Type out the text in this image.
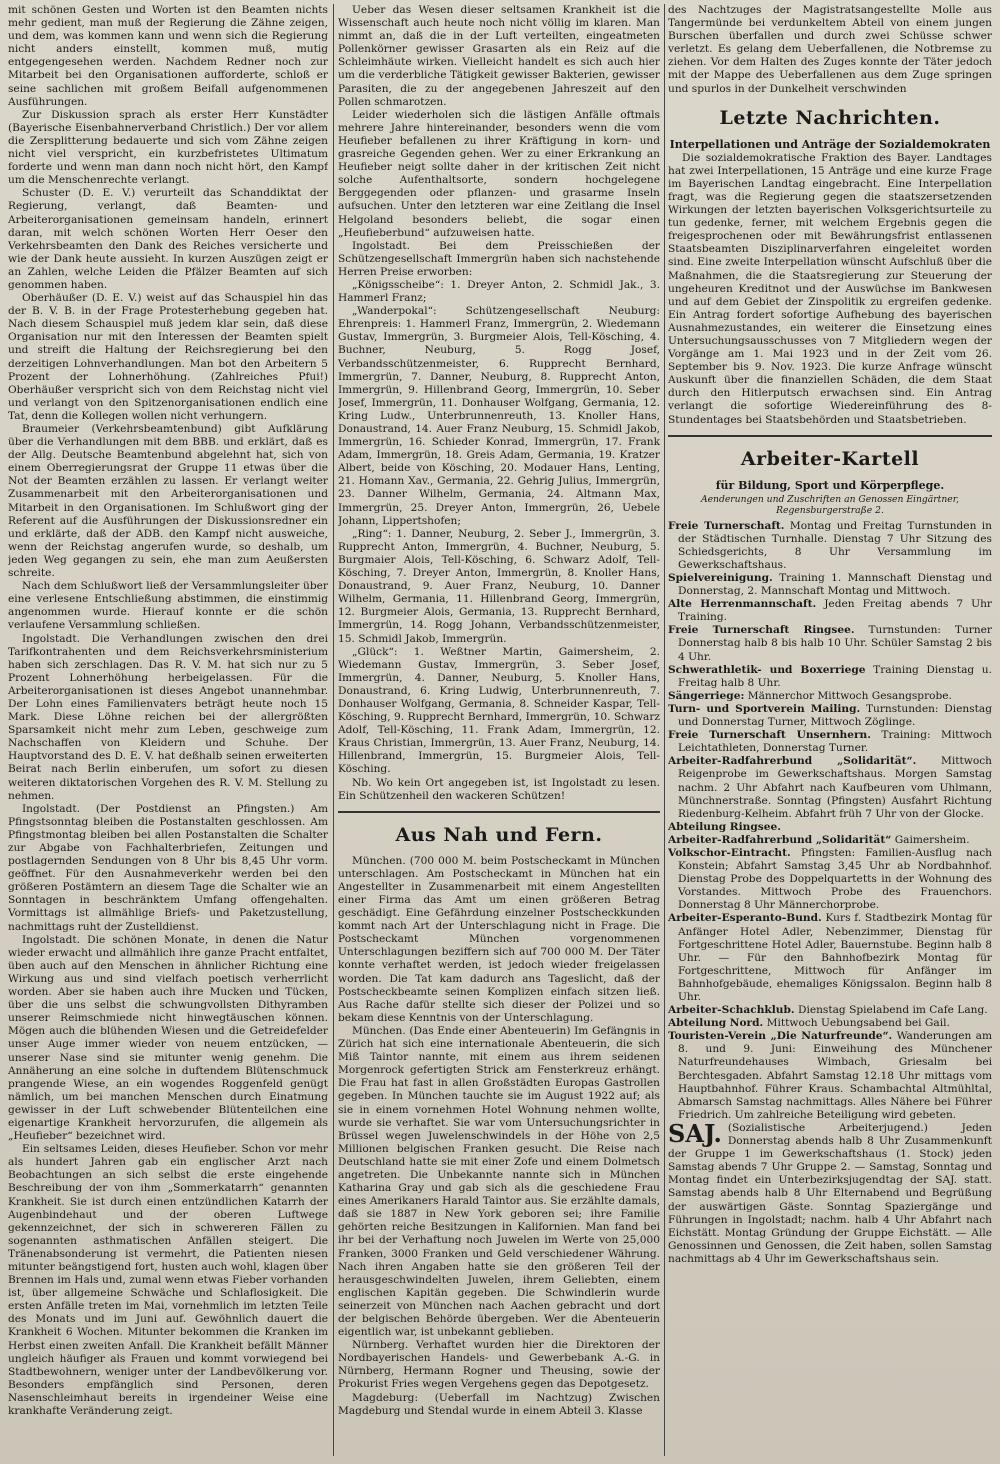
mit schönen Gesten und Worten ist den Beamten nichts mehr gedient, man muß der Regierung die Zähne zeigen, und dem, was kommen kann und wenn sich die Regierung nicht anders einstellt, kommen muß, mutig entgegengesehen werden. Nachdem Redner noch zur Mitarbeit bei den Organisationen aufforderte, schloß er seine sachlichen mit großem Beifall aufgenommenen Ausführungen.

Zur Diskussion sprach als erster Herr Kunstädter (Bayerische Eisenbahnerverband Christlich.) Der vor allem die Zersplitterung bedauerte und sich vom Zähne zeigen nicht viel verspricht, ein kurzbefristetes Ultimatum forderte und wenn man dann noch nicht hört, den Kampf um die Menschenrechte verlangt.

Schuster (D. E. V.) verurteilt das Schanddiktat der Regierung, verlangt, daß Beamten- und Arbeiterorganisationen gemeinsam handeln, erinnert daran, mit welch schönen Worten Herr Oeser den Verkehrsbeamten den Dank des Reiches versicherte und wie der Dank heute aussieht. In kurzen Auszügen zeigt er an Zahlen, welche Leiden die Pfälzer Beamten auf sich genommen haben.

Oberhäußer (D. E. V.) weist auf das Schauspiel hin das der B. V. B. in der Frage Protesterhebung gegeben hat. Nach diesem Schauspiel muß jedem klar sein, daß diese Organisation nur mit den Interessen der Beamten spielt und streift die Haltung der Reichsregierung bei den derzeitigen Lohnverhandlungen. Man bot den Arbeitern 5 Prozent der Lohnerhöhung. (Zahlreiches Pfui!) Oberhäußer verspricht sich von dem Reichstag nicht viel und verlangt von den Spitzenorganisationen endlich eine Tat, denn die Kollegen wollen nicht verhungern.

Braumeier (Verkehrsbeamtenbund) gibt Aufklärung über die Verhandlungen mit dem BBB. und erklärt, daß es der Allg. Deutsche Beamtenbund abgelehnt hat, sich von einem Oberregierungsrat der Gruppe 11 etwas über die Not der Beamten erzählen zu lassen. Er verlangt weiter Zusammenarbeit mit den Arbeiterorganisationen und Mitarbeit in den Organisationen. Im Schlußwort ging der Referent auf die Ausführungen der Diskussionsredner ein und erklärte, daß der ADB. den Kampf nicht ausweiche, wenn der Reichstag angerufen wurde, so deshalb, um jeden Weg gegangen zu sein, ehe man zum Aeußersten schreite.

Nach dem Schlußwort ließ der Versammlungsleiter über eine verlesene Entschließung abstimmen, die einstimmig angenommen wurde. Hierauf konnte er die schön verlaufene Versammlung schließen.

Ingolstadt. Die Verhandlungen zwischen den drei Tarifkontrahenten und dem Reichsverkehrsministerium haben sich zerschlagen. Das R. V. M. hat sich nur zu 5 Prozent Lohnerhöhung herbeigelassen. Für die Arbeiterorganisationen ist dieses Angebot unannehmbar. Der Lohn eines Familienvaters beträgt heute noch 15 Mark. Diese Löhne reichen bei der allergrößten Sparsamkeit nicht mehr zum Leben, geschweige zum Nachschaffen von Kleidern und Schuhe. Der Hauptvorstand des D. E. V. hat deßhalb seinen erweiterten Beirat nach Berlin einberufen, um sofort zu diesen weiteren diktatorischen Vorgehen des R. V. M. Stellung zu nehmen.

Ingolstadt. (Der Postdienst an Pfingsten.) Am Pfingstsonntag bleiben die Postanstalten geschlossen. Am Pfingstmontag bleiben bei allen Postanstalten die Schalter zur Abgabe von Fachhalterbriefen, Zeitungen und postlagernden Sendungen von 8 Uhr bis 8,45 Uhr vorm. geöffnet. Für den Ausnahmeverkehr werden bei den größeren Postämtern an diesem Tage die Schalter wie an Sonntagen in beschränktem Umfang offengehalten. Vormittags ist allmählige Briefs- und Paketzustellung, nachmittags ruht der Zustelldienst.

Ingolstadt. Die schönen Monate, in denen die Natur wieder erwacht und allmählich ihre ganze Pracht entfaltet, üben auch auf den Menschen in ähnlicher Richtung eine Wirkung aus und sind vielfach poetisch verherrlicht worden. Aber sie haben auch ihre Mucken und Tücken, über die uns selbst die schwungvollsten Dithyramben unserer Reimschmiede nicht hinwegtäuschen können. Mögen auch die blühenden Wiesen und die Getreidefelder unser Auge immer wieder von neuem entzücken, — unserer Nase sind sie mitunter wenig genehm. Die Annäherung an eine solche in duftendem Blütenschmuck prangende Wiese, an ein wogendes Roggenfeld genügt nämlich, um bei manchen Menschen durch Einatmung gewisser in der Luft schwebender Blütenteilchen eine eigenartige Krankheit hervorzurufen, die allgemein als „Heufieber“ bezeichnet wird.

Ein seltsames Leiden, dieses Heufieber. Schon vor mehr als hundert Jahren gab ein englischer Arzt nach Beobachtungen an sich selbst die erste eingehende Beschreibung der von ihm „Sommerkatarrh“ genannten Krankheit. Sie ist durch einen entzündlichen Katarrh der Augenbindehaut und der oberen Luftwege gekennzeichnet, der sich in schwereren Fällen zu sogenannten asthmatischen Anfällen steigert. Die Tränenabsonderung ist vermehrt, die Patienten niesen mitunter beängstigend fort, husten auch wohl, klagen über Brennen im Hals und, zumal wenn etwas Fieber vorhanden ist, über allgemeine Schwäche und Schlaflosigkeit. Die ersten Anfälle treten im Mai, vornehmlich im letzten Teile des Monats und im Juni auf. Gewöhnlich dauert die Krankheit 6 Wochen. Mitunter bekommen die Kranken im Herbst einen zweiten Anfall. Die Krankheit befällt Männer ungleich häufiger als Frauen und kommt vorwiegend bei Stadtbewohnern, weniger unter der Landbevölkerung vor. Besonders empfänglich sind Personen, deren Nasenschleimhaut bereits in irgendeiner Weise eine krankhafte Veränderung zeigt.

Ueber das Wesen dieser seltsamen Krankheit ist die Wissenschaft auch heute noch nicht völlig im klaren. Man nimmt an, daß die in der Luft verteilten, eingeatmeten Pollenkörner gewisser Grasarten als ein Reiz auf die Schleimhäute wirken. Vielleicht handelt es sich auch hier um die verderbliche Tätigkeit gewisser Bakterien, gewisser Parasiten, die zu der angegebenen Jahreszeit auf den Pollen schmarotzen.

Leider wiederholen sich die lästigen Anfälle oftmals mehrere Jahre hintereinander, besonders wenn die vom Heufieber befallenen zu ihrer Kräftigung in korn- und grasreiche Gegenden gehen. Wer zu einer Erkrankung an Heufieber neigt sollte daher in der kritischen Zeit nicht solche Aufenthaltsorte, sondern hochgelegene Berggegenden oder pflanzen- und grasarme Inseln aufsuchen. Unter den letzteren war eine Zeitlang die Insel Helgoland besonders beliebt, die sogar einen „Heufieberbund“ aufzuweisen hatte.

Ingolstadt. Bei dem Preisschießen der Schützengesellschaft Immergrün haben sich nachstehende Herren Preise erworben:

„Königsscheibe“: 1. Dreyer Anton, 2. Schmidl Jak., 3. Hammerl Franz;

„Wanderpokal“: Schützengesellschaft Neuburg: Ehrenpreis: 1. Hammerl Franz, Immergrün, 2. Wiedemann Gustav, Immergrün, 3. Burgmeier Alois, Tell-Kösching, 4. Buchner, Neuburg, 5. Rogg Josef, Verbandsschützenmeister, 6. Rupprecht Bernhard, Immergrün, 7. Danner, Neuburg, 8. Rupprecht Anton, Immergrün, 9. Hillenbrand Georg, Immergrün, 10. Seber Josef, Immergrün, 11. Donhauser Wolfgang, Germania, 12. Kring Ludw., Unterbrunnenreuth, 13. Knoller Hans, Donaustrand, 14. Auer Franz Neuburg, 15. Schmidl Jakob, Immergrün, 16. Schieder Konrad, Immergrün, 17. Frank Adam, Immergrün, 18. Greis Adam, Germania, 19. Kratzer Albert, beide von Kösching, 20. Modauer Hans, Lenting, 21. Homann Xav., Germania, 22. Gehrig Julius, Immergrün, 23. Danner Wilhelm, Germania, 24. Altmann Max, Immergrün, 25. Dreyer Anton, Immergrün, 26, Uebele Johann, Lippertshofen;

„Ring“: 1. Danner, Neuburg, 2. Seber J., Immergrün, 3. Rupprecht Anton, Immergrün, 4. Buchner, Neuburg, 5. Burgmaier Alois, Tell-Kösching, 6. Schwarz Adolf, Tell-Kösching, 7. Dreyer Anton, Immergrün, 8. Knoller Hans, Donaustrand, 9. Auer Franz, Neuburg, 10. Danner Wilhelm, Germania, 11. Hillenbrand Georg, Immergrün, 12. Burgmeier Alois, Germania, 13. Rupprecht Bernhard, Immergrün, 14. Rogg Johann, Verbandsschützenmeister, 15. Schmidl Jakob, Immergrün.

„Glück“: 1. Weßtner Martin, Gaimersheim, 2. Wiedemann Gustav, Immergrün, 3. Seber Josef, Immergrün, 4. Danner, Neuburg, 5. Knoller Hans, Donaustrand, 6. Kring Ludwig, Unterbrunnenreuth, 7. Donhauser Wolfgang, Germania, 8. Schneider Kaspar, Tell-Kösching, 9. Rupprecht Bernhard, Immergrün, 10. Schwarz Adolf, Tell-Kösching, 11. Frank Adam, Immergrün, 12. Kraus Christian, Immergrün, 13. Auer Franz, Neuburg, 14. Hillenbrand, Immergrün, 15. Burgmeier Alois, Tell-Kösching.

Nb. Wo kein Ort angegeben ist, ist Ingolstadt zu lesen. Ein Schützenheil den wackeren Schützen!

Aus Nah und Fern.

München. (700 000 M. beim Postscheckamt in München unterschlagen. Am Postscheckamt in München hat ein Angestellter in Zusammenarbeit mit einem Angestellten einer Firma das Amt um einen größeren Betrag geschädigt. Eine Gefährdung einzelner Postscheckkunden kommt nach Art der Unterschlagung nicht in Frage. Die Postscheckamt München vorgenommenen Unterschlagungen beziffern sich auf 700 000 M. Der Täter konnte verhaftet werden, ist jedoch wieder freigelassen worden. Die Tat kam dadurch ans Tageslicht, daß der Postscheckbeamte seinen Komplizen einfach sitzen ließ. Aus Rache dafür stellte sich dieser der Polizei und so bekam diese Kenntnis von der Unterschlagung.

München. (Das Ende einer Abenteuerin) Im Gefängnis in Zürich hat sich eine internationale Abenteuerin, die sich Miß Taintor nannte, mit einem aus ihrem seidenen Morgenrock gefertigten Strick am Fensterkreuz erhängt. Die Frau hat fast in allen Großstädten Europas Gastrollen gegeben. In München tauchte sie im August 1922 auf; als sie in einem vornehmen Hotel Wohnung nehmen wollte, wurde sie verhaftet. Sie war vom Untersuchungsrichter in Brüssel wegen Juwelenschwindels in der Höhe von 2,5 Millionen belgischen Franken gesucht. Die Reise nach Deutschland hatte sie mit einer Zofe und einem Dolmetsch angetreten. Die Unbekannte nannte sich in München Katharina Gray und gab sich als die geschiedene Frau eines Amerikaners Harald Taintor aus. Sie erzählte damals, daß sie 1887 in New York geboren sei; ihre Familie gehörten reiche Besitzungen in Kalifornien. Man fand bei ihr bei der Verhaftung noch Juwelen im Werte von 25,000 Franken, 3000 Franken und Geld verschiedener Währung. Nach ihren Angaben hatte sie den größeren Teil der herausgeschwindelten Juwelen, ihrem Geliebten, einem englischen Kapitän gegeben. Die Schwindlerin wurde seinerzeit von München nach Aachen gebracht und dort der belgischen Behörde übergeben. Wer die Abenteuerin eigentlich war, ist unbekannt geblieben.

Nürnberg. Verhaftet wurden hier die Direktoren der Nordbayerischen Handels- und Gewerbebank A.-G. in Nürnberg, Hermann Rogner und Theusing, sowie der Prokurist Fries wegen Vergehens gegen das Depotgesetz.

Magdeburg: (Ueberfall im Nachtzug) Zwischen Magdeburg und Stendal wurde in einem Abteil 3. Klasse

des Nachtzuges der Magistratsangestellte Molle aus Tangermünde bei verdunkeltem Abteil von einem jungen Burschen überfallen und durch zwei Schüsse schwer verletzt. Es gelang dem Ueberfallenen, die Notbremse zu ziehen. Vor dem Halten des Zuges konnte der Täter jedoch mit der Mappe des Ueberfallenen aus dem Zuge springen und spurlos in der Dunkelheit verschwinden

Letzte Nachrichten.
Interpellationen und Anträge der Sozialdemokraten

Die sozialdemokratische Fraktion des Bayer. Landtages hat zwei Interpellationen, 15 Anträge und eine kurze Frage im Bayerischen Landtag eingebracht. Eine Interpellation fragt, was die Regierung gegen die staatszersetzenden Wirkungen der letzten bayerischen Volksgerichtsurteile zu tun gedenke, ferner, mit welchem Ergebnis gegen die freigesprochenen oder mit Bewährungsfrist entlassenen Staatsbeamten Disziplinarverfahren eingeleitet worden sind. Eine zweite Interpellation wünscht Aufschluß über die Maßnahmen, die die Staatsregierung zur Steuerung der ungeheuren Kreditnot und der Auswüchse im Bankwesen und auf dem Gebiet der Zinspolitik zu ergreifen gedenke. Ein Antrag fordert sofortige Aufhebung des bayerischen Ausnahmezustandes, ein weiterer die Einsetzung eines Untersuchungsausschusses von 7 Mitgliedern wegen der Vorgänge am 1. Mai 1923 und in der Zeit vom 26. September bis 9. Nov. 1923. Die kurze Anfrage wünscht Auskunft über die finanziellen Schäden, die dem Staat durch den Hitlerputsch erwachsen sind. Ein Antrag verlangt die sofortige Wiedereinführung des 8-Stundentages bei Staatsbehörden und Staatsbetrieben.

Arbeiter-Kartell
für Bildung, Sport und Körperpflege.
Aenderungen und Zuschriften an Genossen Eingärtner, Regensburgerstraße 2.

Freie Turnerschaft. Montag und Freitag Turnstunden in der Städtischen Turnhalle. Dienstag 7 Uhr Sitzung des Schiedsgerichts, 8 Uhr Versammlung im Gewerkschaftshaus.

Spielvereinigung. Training 1. Mannschaft Dienstag und Donnerstag, 2. Mannschaft Montag und Mittwoch.

Alte Herrenmannschaft. Jeden Freitag abends 7 Uhr Training.

Freie Turnerschaft Ringsee. Turnstunden: Turner Donnerstag halb 8 bis halb 10 Uhr. Schüler Samstag 2 bis 4 Uhr.

Schwerathletik- und Boxerriege Training Dienstag u. Freitag halb 8 Uhr.

Sängerriege: Männerchor Mittwoch Gesangsprobe.

Turn- und Sportverein Mailing. Turnstunden: Dienstag und Donnerstag Turner, Mittwoch Zöglinge.

Freie Turnerschaft Unsernhern. Training: Mittwoch Leichtathleten, Donnerstag Turner.

Arbeiter-Radfahrerbund „Solidarität“. Mittwoch Reigenprobe im Gewerkschaftshaus. Morgen Samstag nachm. 2 Uhr Abfahrt nach Kaufbeuren vom Uhlmann, Münchnerstraße. Sonntag (Pfingsten) Ausfahrt Richtung Riedenburg-Kelheim. Abfahrt früh 7 Uhr von der Glocke.

Abteilung Ringsee.

Arbeiter-Radfahrerbund „Solidarität“ Gaimersheim.

Volkschor-Eintracht. Pfingsten: Familien-Ausflug nach Konstein; Abfahrt Samstag 3,45 Uhr ab Nordbahnhof. Dienstag Probe des Doppelquartetts in der Wohnung des Vorstandes. Mittwoch Probe des Frauenchors. Donnerstag 8 Uhr Männerchorprobe.

Arbeiter-Esperanto-Bund. Kurs f. Stadtbezirk Montag für Anfänger Hotel Adler, Nebenzimmer, Dienstag für Fortgeschrittene Hotel Adler, Bauernstube. Beginn halb 8 Uhr. — Für den Bahnhofbezirk Montag für Fortgeschrittene, Mittwoch für Anfänger im Bahnhofgebäude, ehemaliges Königssalon. Beginn halb 8 Uhr.

Arbeiter-Schachklub. Dienstag Spielabend im Cafe Lang.

Abteilung Nord. Mittwoch Uebungsabend bei Gail.

Touristen-Verein „Die Naturfreunde“. Wanderungen am 8. und 9. Juni: Einweihung des Münchener Naturfreundehauses Wimbach, Griesalm bei Berchtesgaden. Abfahrt Samstag 12.18 Uhr mittags vom Hauptbahnhof. Führer Kraus. Schambachtal Altmühltal, Abmarsch Samstag nachmittags. Alles Nähere bei Führer Friedrich. Um zahlreiche Beteiligung wird gebeten.

SAJ. (Sozialistische Arbeiterjugend.) Jeden Donnerstag abends halb 8 Uhr Zusammenkunft der Gruppe 1 im Gewerkschaftshaus (1. Stock) jeden Samstag abends 7 Uhr Gruppe 2. — Samstag, Sonntag und Montag findet ein Unterbezirksjugendtag der SAJ. statt. Samstag abends halb 8 Uhr Elternabend und Begrüßung der auswärtigen Gäste. Sonntag Spaziergänge und Führungen in Ingolstadt; nachm. halb 4 Uhr Abfahrt nach Eichstätt. Montag Gründung der Gruppe Eichstätt. — Alle Genossinnen und Genossen, die Zeit haben, sollen Samstag nachmittags ab 4 Uhr im Gewerkschaftshaus sein.
